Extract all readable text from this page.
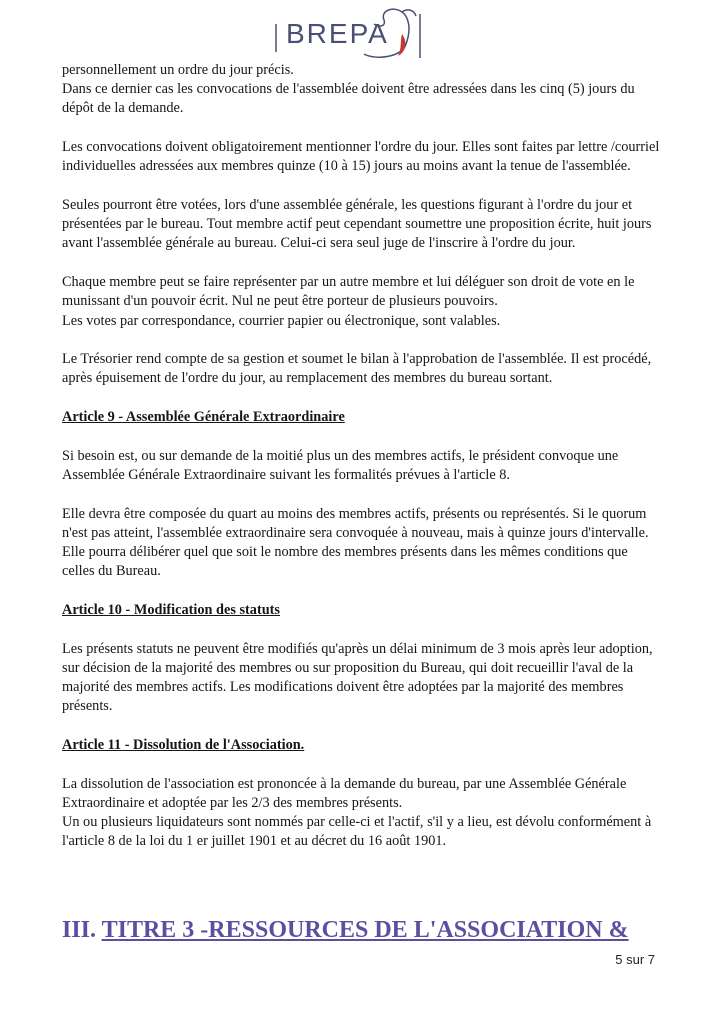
BREPA

personnellement un ordre du jour précis.

Dans ce dernier cas les convocations de l'assemblée doivent être adressées dans les cinq (5) jours du dépôt de la demande.

Les convocations doivent obligatoirement mentionner l'ordre du jour. Elles sont faites par lettre /courriel individuelles adressées aux membres quinze (10 à 15) jours au moins avant la tenue de l'assemblée.

Seules pourront être votées, lors d'une assemblée générale, les questions figurant à l'ordre du jour et présentées par le bureau. Tout membre actif peut cependant soumettre une proposition écrite, huit jours avant l'assemblée générale au bureau. Celui-ci sera seul juge de l'inscrire à l'ordre du jour.

Chaque membre peut se faire représenter par un autre membre et lui déléguer son droit de vote en le munissant d'un pouvoir écrit. Nul ne peut être porteur de plusieurs pouvoirs.

Les votes par correspondance, courrier papier ou électronique, sont valables.

Le Trésorier rend compte de sa gestion et soumet le bilan à l'approbation de l'assemblée. Il est procédé, après épuisement de l'ordre du jour, au remplacement des membres du bureau sortant.

Article 9 - Assemblée Générale Extraordinaire

Si besoin est, ou sur demande de la moitié plus un des membres actifs, le président convoque une Assemblée Générale Extraordinaire suivant les formalités prévues à l'article 8.

Elle devra être composée du quart au moins des membres actifs, présents ou représentés. Si le quorum n'est pas atteint, l'assemblée extraordinaire sera convoquée à nouveau, mais à quinze jours d'intervalle.

Elle pourra délibérer quel que soit le nombre des membres présents dans les mêmes conditions que celles du Bureau.

Article 10 - Modification des statuts

Les présents statuts ne peuvent être modifiés qu'après un délai minimum de 3 mois après leur adoption, sur décision de la majorité des membres ou sur proposition du Bureau, qui doit recueillir l'aval de la majorité des membres actifs. Les modifications doivent être adoptées par la majorité des membres présents.

Article 11 - Dissolution de l'Association.

La dissolution de l'association est prononcée à la demande du bureau, par une Assemblée Générale Extraordinaire et adoptée par les 2/3 des membres présents.

Un ou plusieurs liquidateurs sont nommés par celle-ci et l'actif, s'il y a lieu, est dévolu conformément à l'article 8 de la loi du 1 er juillet 1901 et au décret du 16 août 1901.

III. TITRE 3 -RESSOURCES DE L'ASSOCIATION &
5 sur 7
